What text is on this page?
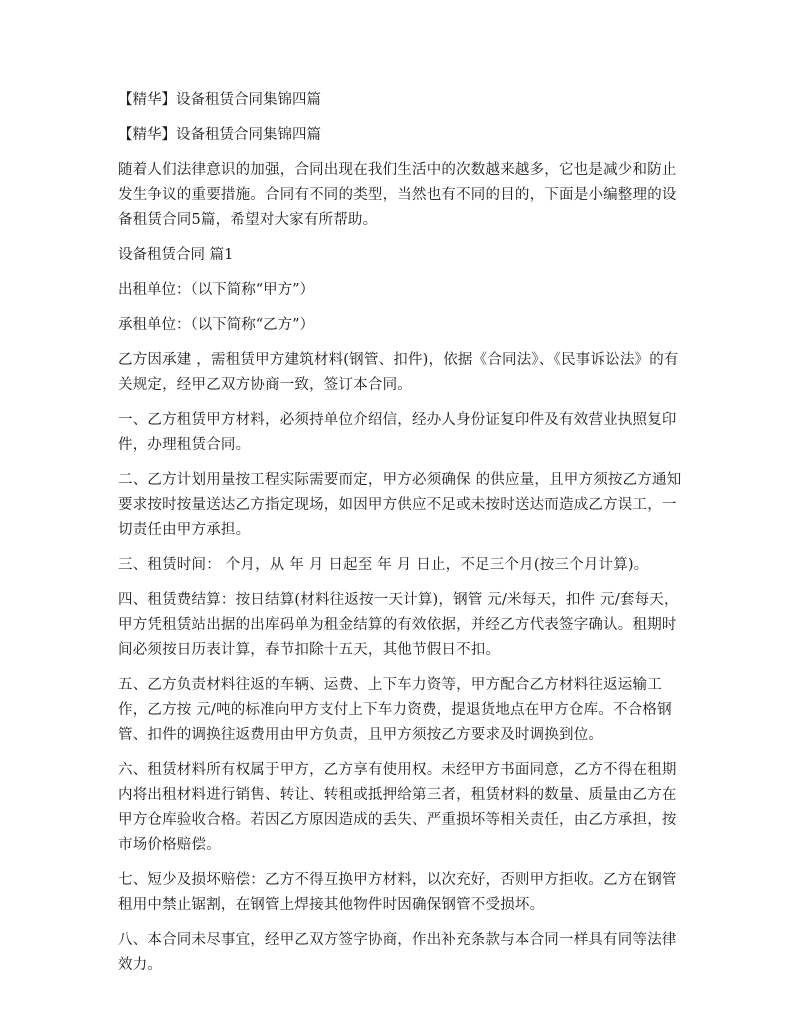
【精华】设备租赁合同集锦四篇

【精华】设备租赁合同集锦四篇

随着人们法律意识的加强，合同出现在我们生活中的次数越来越多，它也是减少和防止发生争议的重要措施。合同有不同的类型，当然也有不同的目的，下面是小编整理的设备租赁合同5篇，希望对大家有所帮助。

设备租赁合同 篇1

出租单位：（以下简称“甲方”）

承租单位：（以下简称“乙方”）

乙方因承建 ，需租赁甲方建筑材料(钢管、扣件)，依据《合同法》、《民事诉讼法》的有关规定，经甲乙双方协商一致，签订本合同。

一、乙方租赁甲方材料，必须持单位介绍信，经办人身份证复印件及有效营业执照复印件，办理租赁合同。

二、乙方计划用量按工程实际需要而定，甲方必须确保 的供应量，且甲方须按乙方通知要求按时按量送达乙方指定现场，如因甲方供应不足或未按时送达而造成乙方误工，一切责任由甲方承担。

三、租赁时间： 个月，从 年 月 日起至 年 月 日止，不足三个月(按三个月计算)。

四、租赁费结算：按日结算(材料往返按一天计算)，钢管 元/米每天，扣件 元/套每天，甲方凭租赁站出据的出库码单为租金结算的有效依据，并经乙方代表签字确认。租期时间必须按日历表计算，春节扣除十五天，其他节假日不扣。

五、乙方负责材料往返的车辆、运费、上下车力资等，甲方配合乙方材料往返运输工作，乙方按 元/吨的标准向甲方支付上下车力资费，提退货地点在甲方仓库。不合格钢管、扣件的调换往返费用由甲方负责，且甲方须按乙方要求及时调换到位。

六、租赁材料所有权属于甲方，乙方享有使用权。未经甲方书面同意，乙方不得在租期内将出租材料进行销售、转让、转租或抵押给第三者，租赁材料的数量、质量由乙方在甲方仓库验收合格。若因乙方原因造成的丢失、严重损坏等相关责任，由乙方承担，按市场价格赔偿。

七、短少及损坏赔偿：乙方不得互换甲方材料，以次充好，否则甲方拒收。乙方在钢管租用中禁止锯割，在钢管上焊接其他物件时因确保钢管不受损坏。

八、本合同未尽事宜，经甲乙双方签字协商，作出补充条款与本合同一样具有同等法律效力。
